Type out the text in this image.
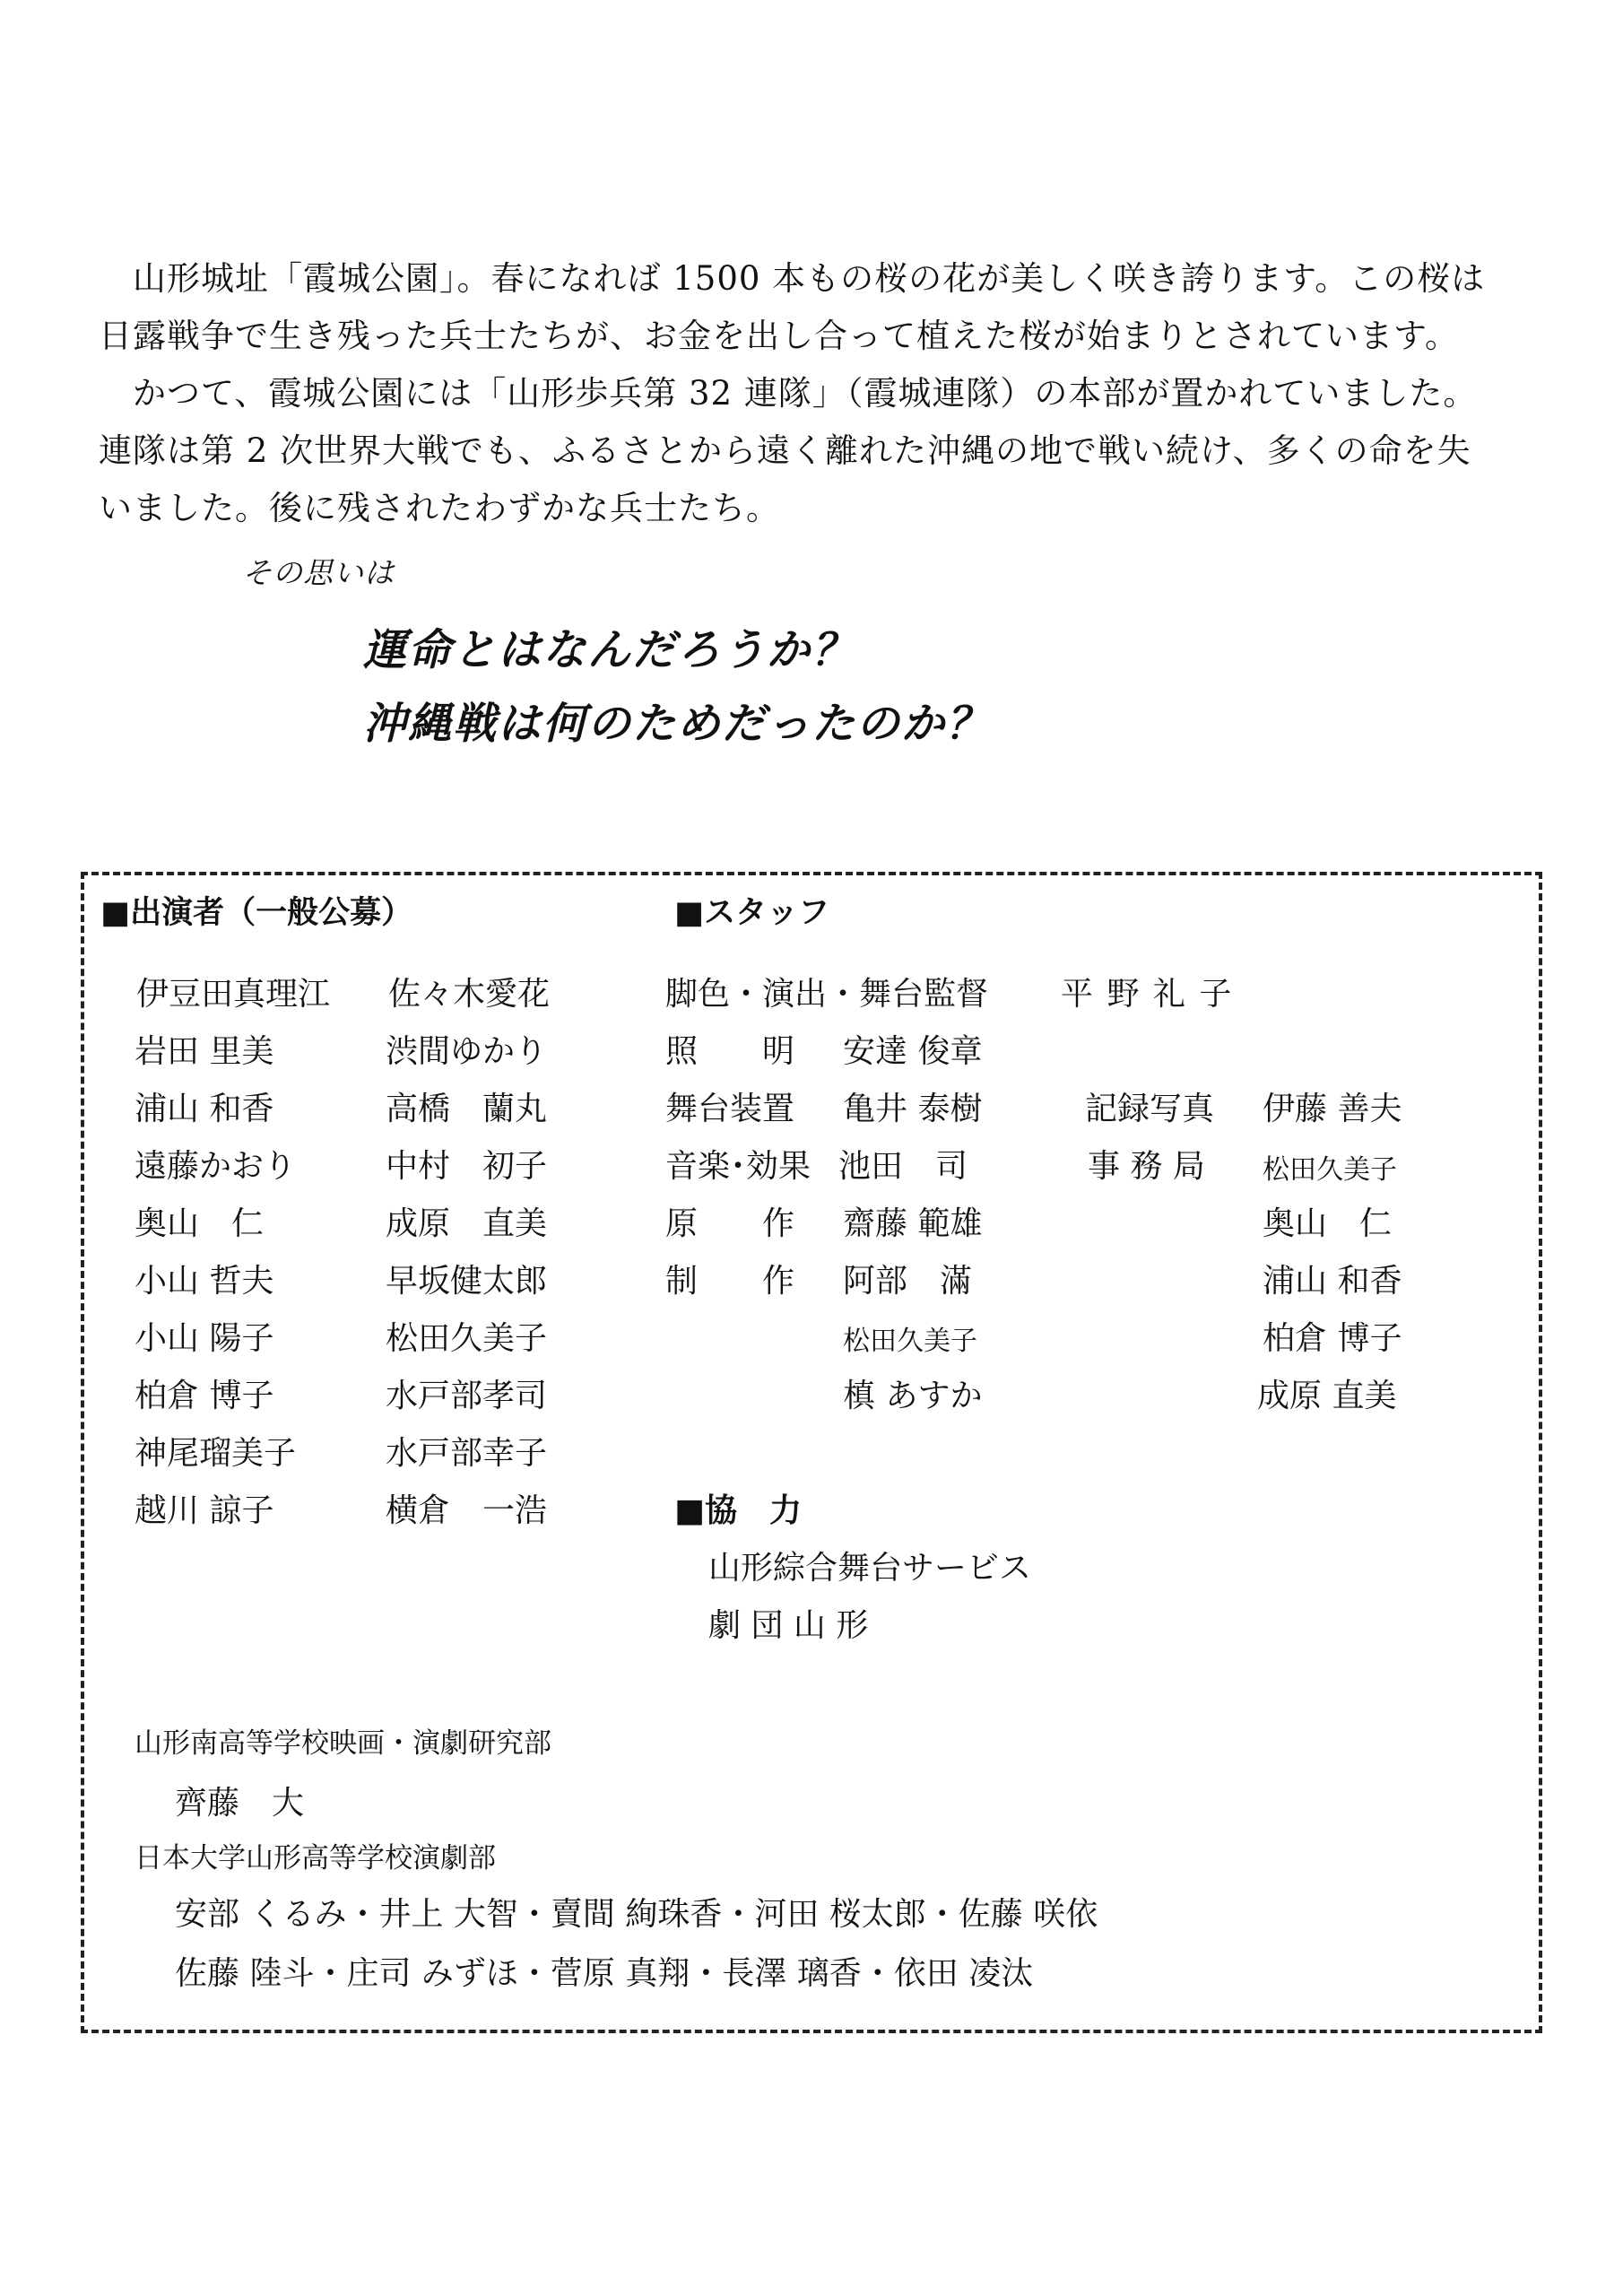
山形城址「霞城公園」。春になれば 1500 本もの桜の花が美しく咲き誇ります。この桜は
日露戦争で生き残った兵士たちが、お金を出し合って植えた桜が始まりとされています。
かつて、霞城公園には「山形歩兵第 32 連隊」（霞城連隊）の本部が置かれていました。
連隊は第 2 次世界大戦でも、ふるさとから遠く離れた沖縄の地で戦い続け、多くの命を失
いました。後に残されたわずかな兵士たち。
その思いは
運命とはなんだろうか？
沖縄戦は何のためだったのか？
■出演者（一般公募）	■スタッフ
伊豆田真理江
岩田 里美
浦山 和香
遠藤かおり
奥山　仁
小山 哲夫
小山 陽子
柏倉 博子
神尾瑠美子
越川 諒子
佐々木愛花
渋間ゆかり
高橋　蘭丸
中村　初子
成原　直美
早坂健太郎
松田久美子
水戸部孝司
水戸部幸子
横倉　一浩
脚色・演出・舞台監督 平 野 礼 子
照　　明 安達 俊章
舞台装置 亀井 泰樹
音楽･効果 池田　司
原　　作 齋藤 範雄
制　　作 阿部　滿
松田久美子
槙 あすか
記録写真 伊藤 善夫
事 務 局 松田久美子
奥山　仁
浦山 和香
柏倉 博子
成原 直美
■協　力
山形綜合舞台サービス
劇 団 山 形
山形南高等学校映画・演劇研究部
齊藤　大
日本大学山形高等学校演劇部
安部 くるみ・井上 大智・賣間 絢珠香・河田 桜太郎・佐藤 咲依
佐藤 陸斗・庄司 みずほ・菅原 真翔・長澤 璃香・依田 凌汰
